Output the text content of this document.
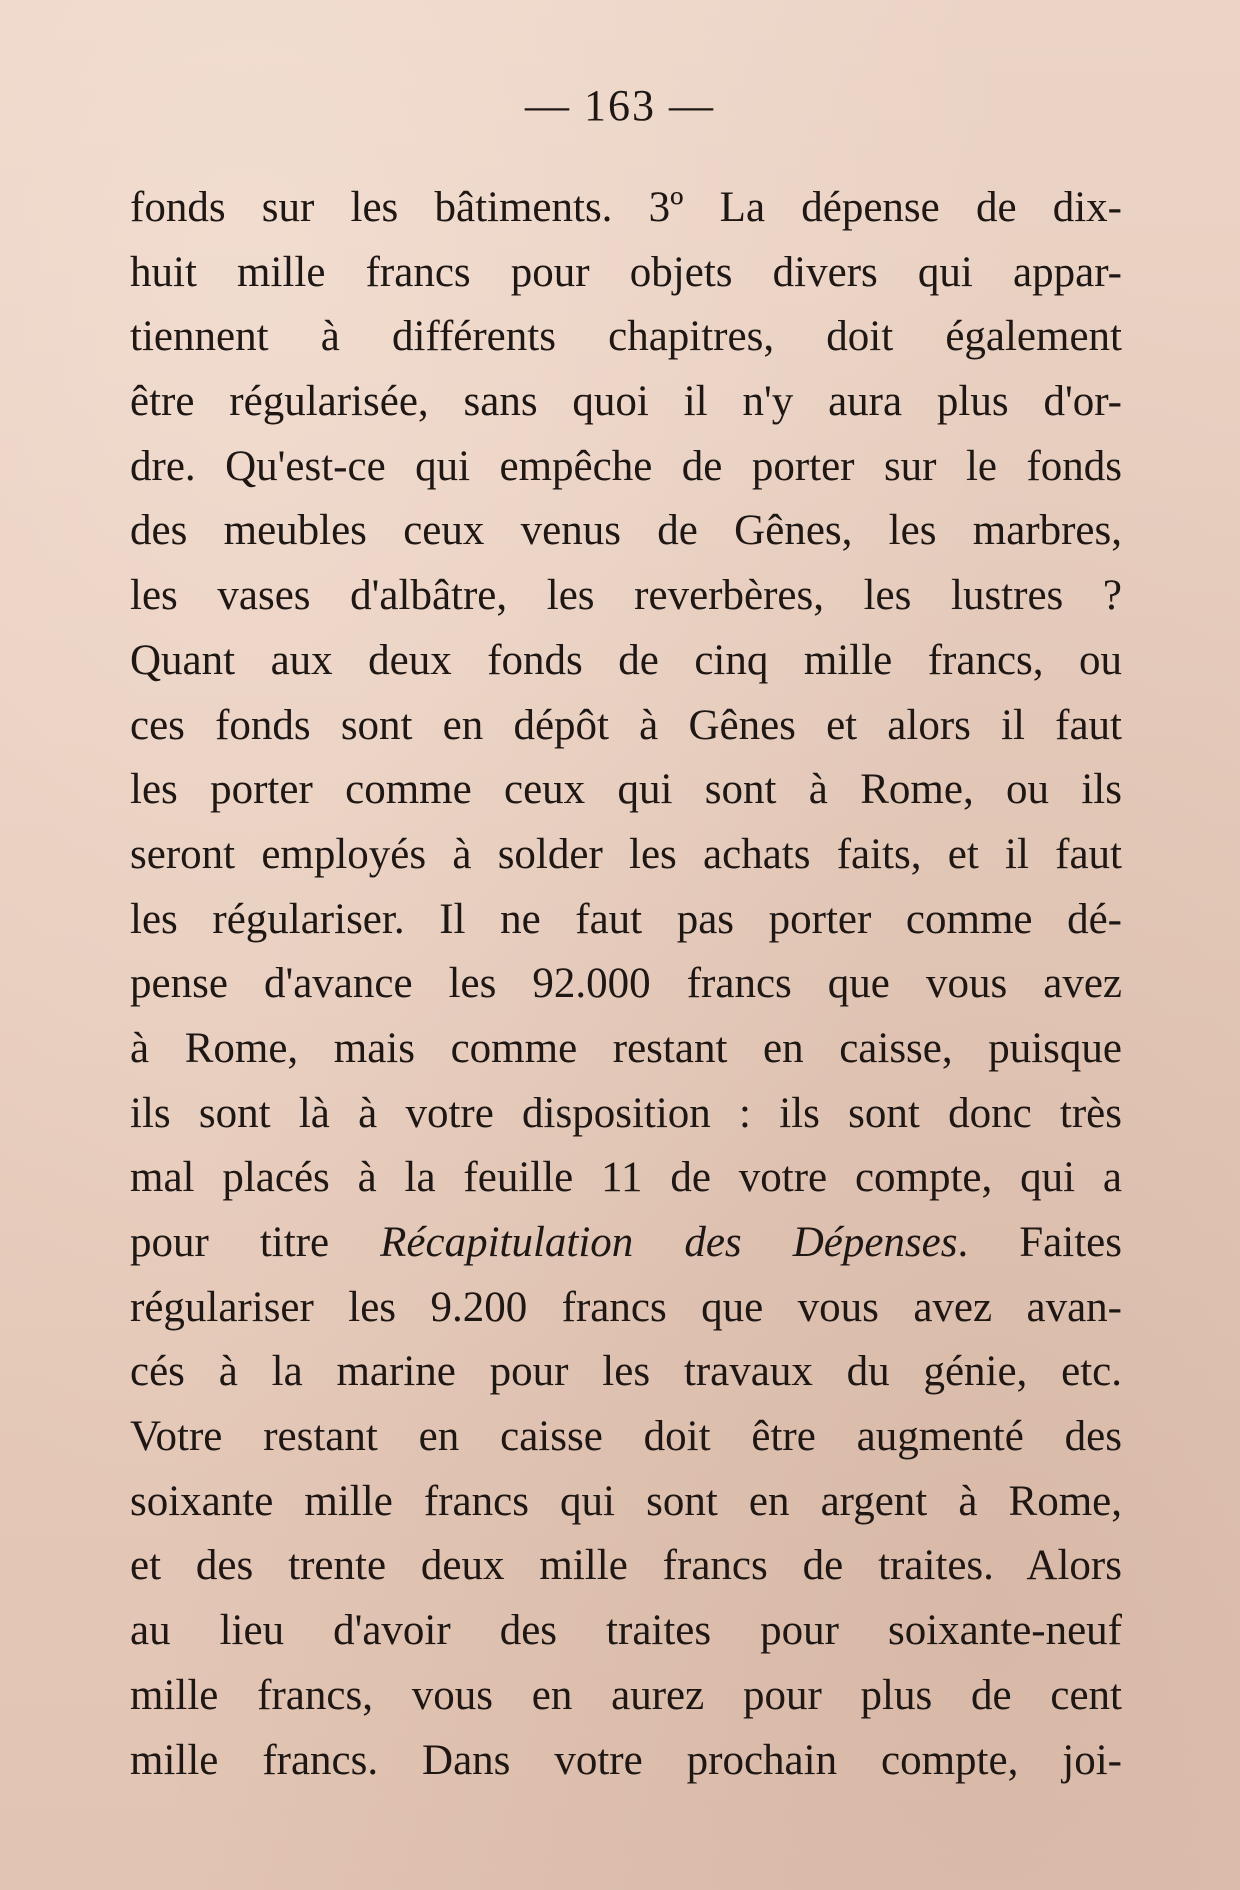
— 163 —
fonds sur les bâtiments. 3º La dépense de dix-
huit mille francs pour objets divers qui appar-
tiennent à différents chapitres, doit également
être régularisée, sans quoi il n'y aura plus d'or-
dre. Qu'est-ce qui empêche de porter sur le fonds
des meubles ceux venus de Gênes, les marbres,
les vases d'albâtre, les reverbères, les lustres ?
Quant aux deux fonds de cinq mille francs, ou
ces fonds sont en dépôt à Gênes et alors il faut
les porter comme ceux qui sont à Rome, ou ils
seront employés à solder les achats faits, et il faut
les régulariser. Il ne faut pas porter comme dé-
pense d'avance les 92.000 francs que vous avez
à Rome, mais comme restant en caisse, puisque
ils sont là à votre disposition : ils sont donc très
mal placés à la feuille 11 de votre compte, qui a
pour titre Récapitulation des Dépenses. Faites
régulariser les 9.200 francs que vous avez avan-
cés à la marine pour les travaux du génie, etc.
Votre restant en caisse doit être augmenté des
soixante mille francs qui sont en argent à Rome,
et des trente deux mille francs de traites. Alors
au lieu d'avoir des traites pour soixante-neuf
mille francs, vous en aurez pour plus de cent
mille francs. Dans votre prochain compte, joi-
